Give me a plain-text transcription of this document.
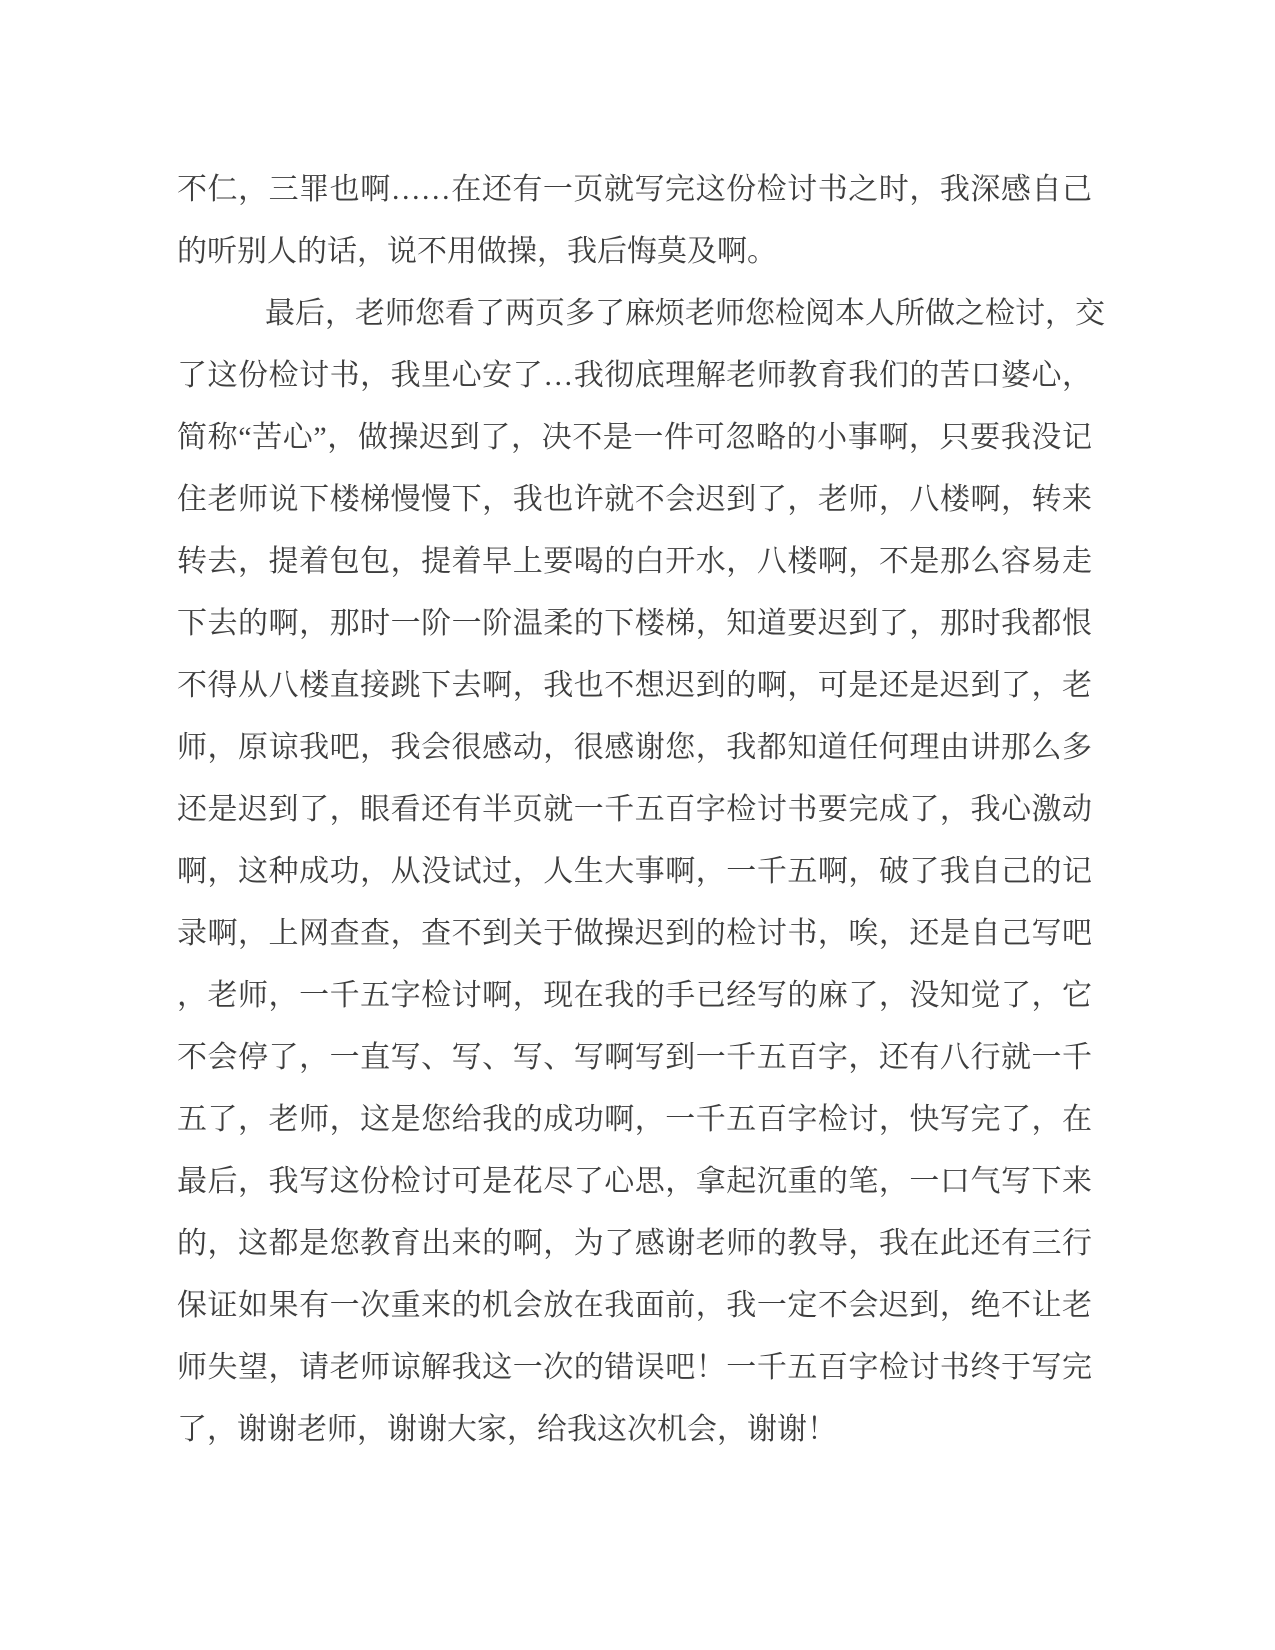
不仁，三罪也啊……在还有一页就写完这份检讨书之时，我深感自己
的听别人的话，说不用做操，我后悔莫及啊。
最后，老师您看了两页多了麻烦老师您检阅本人所做之检讨，交
了这份检讨书，我里心安了…我彻底理解老师教育我们的苦口婆心，
简称“苦心”，做操迟到了，决不是一件可忽略的小事啊，只要我没记
住老师说下楼梯慢慢下，我也许就不会迟到了，老师，八楼啊，转来
转去，提着包包，提着早上要喝的白开水，八楼啊，不是那么容易走
下去的啊，那时一阶一阶温柔的下楼梯，知道要迟到了，那时我都恨
不得从八楼直接跳下去啊，我也不想迟到的啊，可是还是迟到了，老
师，原谅我吧，我会很感动，很感谢您，我都知道任何理由讲那么多
还是迟到了，眼看还有半页就一千五百字检讨书要完成了，我心激动
啊，这种成功，从没试过，人生大事啊，一千五啊，破了我自己的记
录啊，上网查查，查不到关于做操迟到的检讨书，唉，还是自己写吧
，老师，一千五字检讨啊，现在我的手已经写的麻了，没知觉了，它
不会停了，一直写、写、写、写啊写到一千五百字，还有八行就一千
五了，老师，这是您给我的成功啊，一千五百字检讨，快写完了，在
最后，我写这份检讨可是花尽了心思，拿起沉重的笔，一口气写下来
的，这都是您教育出来的啊，为了感谢老师的教导，我在此还有三行
保证如果有一次重来的机会放在我面前，我一定不会迟到，绝不让老
师失望，请老师谅解我这一次的错误吧！一千五百字检讨书终于写完
了，谢谢老师，谢谢大家，给我这次机会，谢谢！
